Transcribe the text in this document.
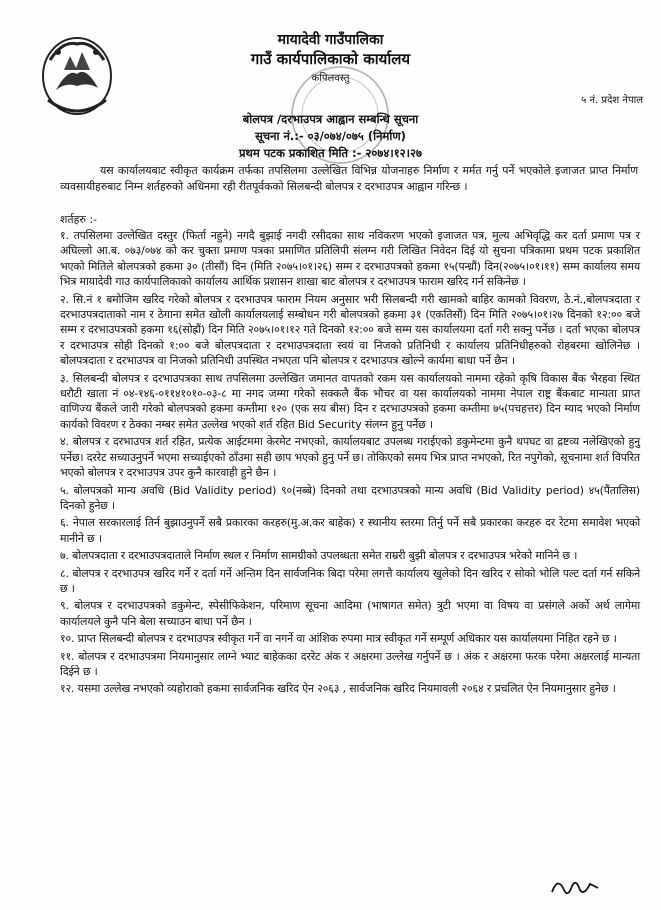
मायादेवी गाउँपालिका
गाउँ कार्यपालिकाको कार्यालय
कपिलवस्तु
५ नं. प्रदेश नेपाल
बोलपत्र /दरभाउपत्र आह्वान सम्बन्धि सूचना
सूचना नं.:- ०३/०७४/०७५ (निर्माण)
प्रथम पटक प्रकाशित मिति :- २०७४।१२।२७
यस कार्यालयबाट स्वीकृत कार्यक्रम तर्फका तपसिलमा उल्लेखित विभिन्न योजनाहरु निर्माण र मर्मत गर्नु पर्ने भएकोले इजाजत प्राप्त निर्माण व्यवसायीहरुबाट निम्न शर्तहरुको अधिनमा रही रीतपूर्वकको सिलबन्दी बोलपत्र र दरभाउपत्र आह्वान गरिन्छ ।
शर्तहरु :-
१. तपसिलमा उल्लेखित दस्तुर (फिर्ता नहुने) नगदै बुझाई नगदी रसीदका साथ नविकरण भएको इजाजत पत्र, मुल्य अभिवृद्धि कर दर्ता प्रमाण पत्र र अघिल्लो आ.ब. ०७३/०७४ को कर चुक्ता प्रमाण पत्रका प्रमाणित प्रतिलिपी संलग्न गरी लिखित निवेदन दिई यो सुचना पत्रिकामा प्रथम पटक प्रकाशित भएको मितिले बोलपत्रको हकमा ३० (तीसौं) दिन (मिति २०७५।०१।२६) सम्म र दरभाउपत्रको हकमा १५(पन्ध्रौं) दिन(२०७५।०१।११) सम्म कार्यालय समय भित्र मायादेवी गाउ कार्यपालिकाको कार्यालय आर्थिक प्रशासन शाखा बाट बोलपत्र र दरभाउपत्र फाराम खरिद गर्न सकिनेछ ।
२. सि.नं १ बमोजिम खरिद गरेको बोलपत्र र दरभाउपत्र फाराम नियम अनुसार भरी सिलबन्दी गरी खामको बाहिर कामको विवरण, ठे.नं.,बोलपत्रदाता र दरभाउपत्रदाताको नाम र ठेगाना समेत खोली कार्यालयलाई सम्बोधन गरी बोलपत्रको हकमा ३१ (एकतिसौं) दिन मिति २०७५।०१।२७ दिनको १२:०० बजे सम्म र दरभाउपत्रको हकमा १६(सोह्रौं) दिन मिति २०७५।०१।१२ गते दिनको १२:०० बजे सम्म यस कार्यालयमा दर्ता गरी सक्नु पर्नेछ । दर्ता भएका बोलपत्र र दरभाउपत्र सोही दिनको १:०० बजे बोलपत्रदाता र दरभाउपत्रदाता स्वयं वा निजको प्रतिनिधी र कार्यालय प्रतिनिधीहरुको रोहबरमा खोलिनेछ ।बोलपत्रदाता र दरभाउपत्र वा निजको प्रतिनिधी उपस्थित नभएता पनि बोलपत्र र दरभाउपत्र खोल्ने कार्यमा बाधा पर्ने छैन ।
३. सिलबन्दी बोलपत्र र दरभाउपत्रका साथ तपसिलमा उल्लेखित जमानत वापतको रकम यस कार्यालयको नाममा रहेको कृषि विकास बैंक भैरहवा स्थित धरौटी खाता नं ०४-१४६-०११४१०१०-०३-८ मा नगद जम्मा गरेको सक्कलै बैंक भौचर वा यस कार्यालयको नाममा नेपाल राष्ट्र बैंकबाट मान्यता प्राप्त वाणिज्य बैंकले जारी गरेको बोलपत्रको हकमा कम्तीमा १२० (एक सय बीस) दिन र दरभाउपत्रको हकमा कम्तीमा ७५(पचहत्तर) दिन म्याद भएको निर्माण कार्यको विवरण र ठेक्का नम्बर समेत उल्लेख भएको शर्त रहित Bid Security संलग्न हुनु पर्नेछ ।
४. बोलपत्र र दरभाउपत्र शर्त रहित, प्रत्येक आईटममा केरमेट नभएको, कार्यालयबाट उपलब्ध गराईएको डकुमेन्टमा कुनै थपघट वा द्रष्टव्य नलेखिएको हुनु पर्नेछ। दररेट सच्याउनुपर्ने भएमा सच्याईएको ठाँउमा सही छाप भएको हुनु पर्ने छ। तोकिएको समय भित्र प्राप्त नभएको, रित नपुगेको, सूचनामा शर्त विपरित भएको बोलपत्र र दरभाउपत्र उपर कुनै कारवाही हुने छैन ।
५. बोलपत्रको मान्य अवधि (Bid Validity period) ९०(नब्बे) दिनको तथा दरभाउपत्रको मान्य अवधि (Bid Validity period) ४५(पैंतालिस) दिनको हुनेछ ।
६. नेपाल सरकारलाई तिर्न बुझाउनुपर्ने सबै प्रकारका करहरु(मु.अ.कर बाहेक) र स्थानीय स्तरमा तिर्नु पर्ने सबै प्रकारका करहरु दर रेटमा समावेश भएको मानीने छ ।
७. बोलपत्रदाता र दरभाउपत्रदाताले निर्माण स्थल र निर्माण सामग्रीको उपलब्धता समेत राम्ररी बुझी बोलपत्र र दरभाउपत्र भरेको मानिने छ ।
८. बोलपत्र र दरभाउपत्र खरिद गर्ने र दर्ता गर्ने अन्तिम दिन सार्वजनिक बिदा परेमा लगत्तै कार्यालय खुलेको दिन खरिद र सोको भोलि पल्ट दर्ता गर्न सकिने छ ।
९. बोलपत्र र दरभाउपत्रको डकुमेन्ट, स्पेसीफिकेशन, परिमाण सूचना आदिमा (भाषागत समेत) त्रुटी भएमा वा विषय वा प्रसंगले अर्को अर्थ लागेमा कार्यालयले कुनै पनि बेला सच्याउन बाधा पर्ने छैन ।
१०. प्राप्त सिलबन्दी बोलपत्र र दरभाउपत्र स्वीकृत गर्ने वा नगर्ने वा आंशिक रुपमा मात्र स्वीकृत गर्ने सम्पूर्ण अधिकार यस कार्यालयमा निहित रहने छ ।
११. बोलपत्र र दरभाउपत्रमा नियमानुसार लाग्ने भ्याट बाहेकका दररेट अंक र अक्षरमा उल्लेख गर्नुपर्ने छ । अंक र अक्षरमा फरक परेमा अक्षरलाई मान्यता दिईने छ ।
१२. यसमा उल्लेख नभएको व्यहोराको हकमा सार्वजनिक खरिद ऐन २०६३ , सार्वजनिक खरिद नियमावली २०६४ र प्रचलित ऐन नियमानुसार हुनेछ ।
